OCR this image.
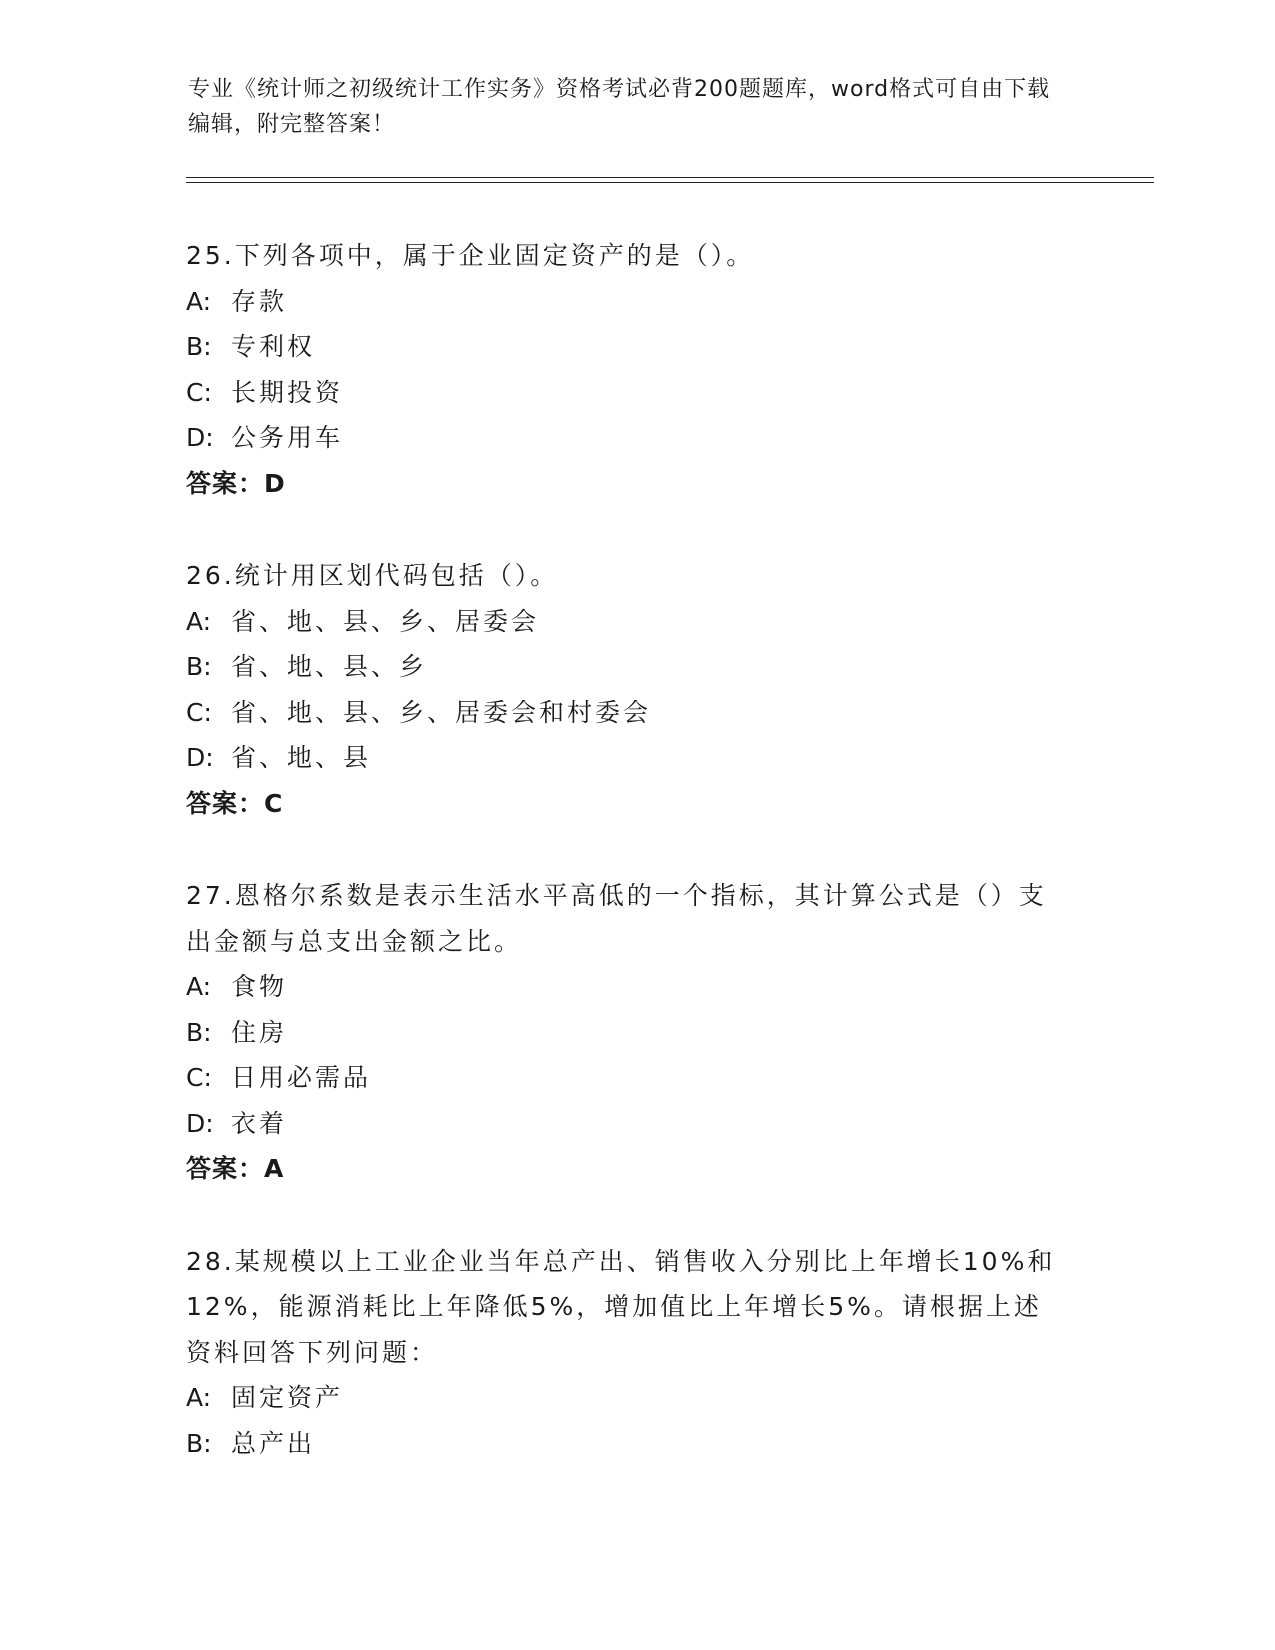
专业《统计师之初级统计工作实务》资格考试必背200题题库，word格式可自由下载编辑，附完整答案！
25.下列各项中，属于企业固定资产的是（）。
A: 存款
B: 专利权
C: 长期投资
D: 公务用车
答案：D
26.统计用区划代码包括（）。
A: 省、地、县、乡、居委会
B: 省、地、县、乡
C: 省、地、县、乡、居委会和村委会
D: 省、地、县
答案：C
27.恩格尔系数是表示生活水平高低的一个指标，其计算公式是（）支出金额与总支出金额之比。
A: 食物
B: 住房
C: 日用必需品
D: 衣着
答案：A
28.某规模以上工业企业当年总产出、销售收入分别比上年增长10%和12%，能源消耗比上年降低5%，增加值比上年增长5%。请根据上述资料回答下列问题：
A: 固定资产
B: 总产出
